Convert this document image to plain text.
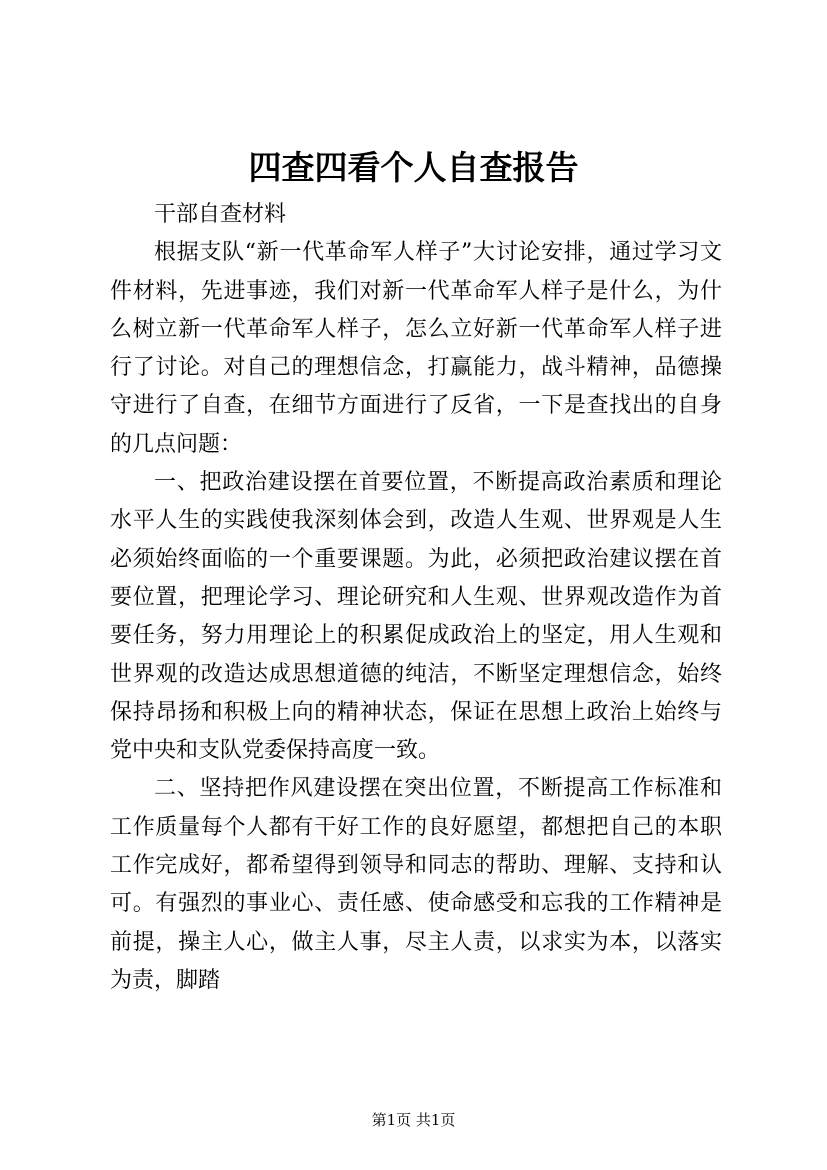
四查四看个人自查报告

干部自查材料

根据支队“新一代革命军人样子”大讨论安排，通过学习文件材料，先进事迹，我们对新一代革命军人样子是什么，为什么树立新一代革命军人样子，怎么立好新一代革命军人样子进行了讨论。对自己的理想信念，打赢能力，战斗精神，品德操守进行了自查，在细节方面进行了反省，一下是查找出的自身的几点问题：

一、把政治建设摆在首要位置，不断提高政治素质和理论水平人生的实践使我深刻体会到，改造人生观、世界观是人生必须始终面临的一个重要课题。为此，必须把政治建议摆在首要位置，把理论学习、理论研究和人生观、世界观改造作为首要任务，努力用理论上的积累促成政治上的坚定，用人生观和世界观的改造达成思想道德的纯洁，不断坚定理想信念，始终保持昂扬和积极上向的精神状态，保证在思想上政治上始终与党中央和支队党委保持高度一致。

二、坚持把作风建设摆在突出位置，不断提高工作标准和工作质量每个人都有干好工作的良好愿望，都想把自己的本职工作完成好，都希望得到领导和同志的帮助、理解、支持和认可。有强烈的事业心、责任感、使命感受和忘我的工作精神是前提，操主人心，做主人事，尽主人责，以求实为本，以落实为责，脚踏

第1页 共1页
